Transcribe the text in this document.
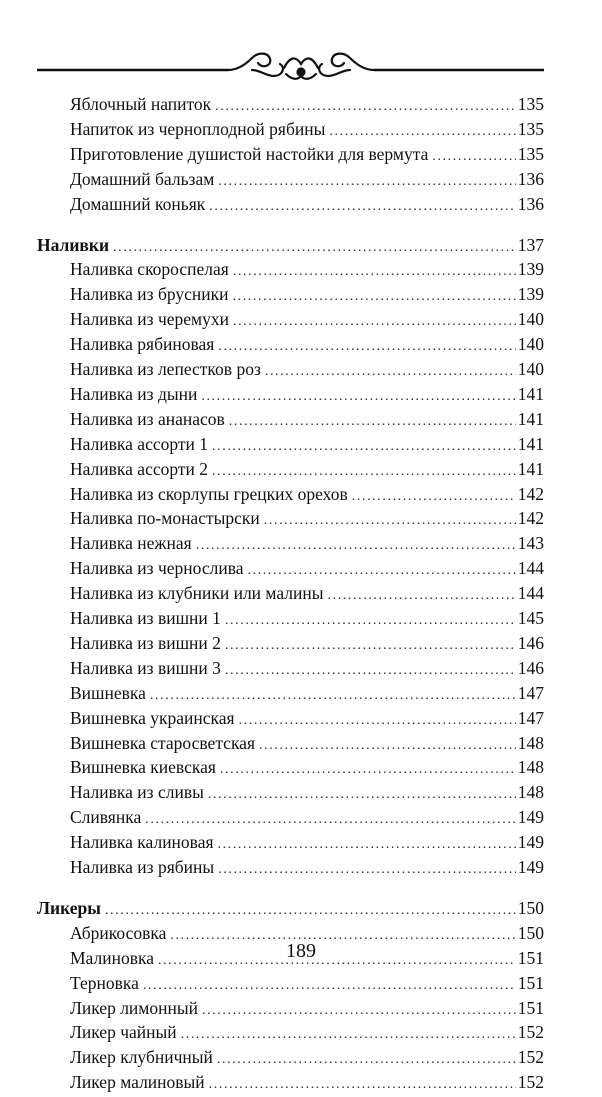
Яблочный напиток .....	135
Напиток из черноплодной рябины .....	135
Приготовление душистой настойки для вермута .....	135
Домашний бальзам .....	136
Домашний коньяк .....	136
Наливки .....	137
Наливка скороспелая .....	139
Наливка из брусники .....	139
Наливка из черемухи .....	140
Наливка рябиновая .....	140
Наливка из лепестков роз .....	140
Наливка из дыни .....	141
Наливка из ананасов .....	141
Наливка ассорти 1 .....	141
Наливка ассорти 2 .....	141
Наливка из скорлупы грецких орехов .....	142
Наливка по-монастырски .....	142
Наливка нежная .....	143
Наливка из чернослива .....	144
Наливка из клубники или малины .....	144
Наливка из вишни 1 .....	145
Наливка из вишни 2 .....	146
Наливка из вишни 3 .....	146
Вишневка .....	147
Вишневка украинская .....	147
Вишневка старосветская .....	148
Вишневка киевская .....	148
Наливка из сливы .....	148
Сливянка .....	149
Наливка калиновая .....	149
Наливка из рябины .....	149
Ликеры .....	150
Абрикосовка .....	150
Малиновка .....	151
Терновка .....	151
Ликер лимонный .....	151
Ликер чайный .....	152
Ликер клубничный .....	152
Ликер малиновый .....	152
189
